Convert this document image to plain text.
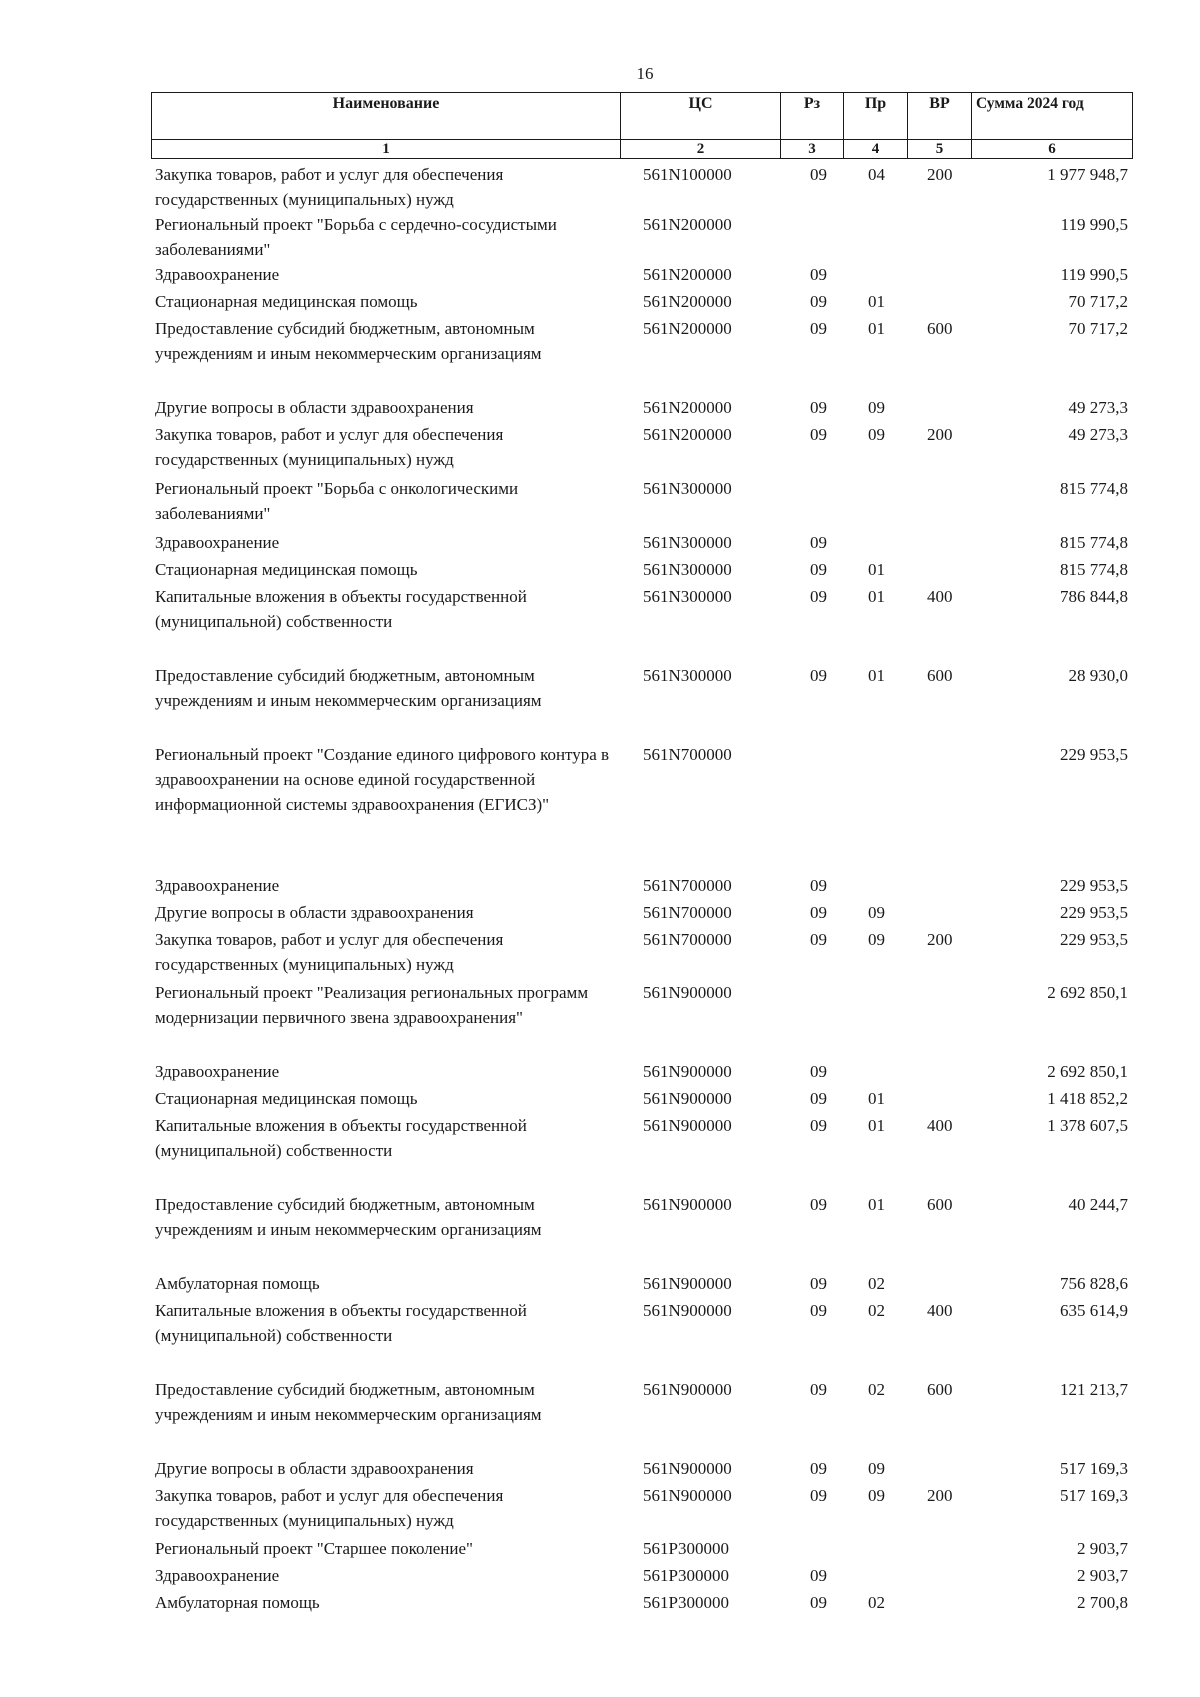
16
Наименование	ЦС	Рз	Пр	ВР	Сумма 2024 год
1	2	3	4	5	6
Закупка товаров, работ и услуг для обеспечения государственных (муниципальных) нужд	561N100000	09	04	200	1 977 948,7
Региональный проект "Борьба с сердечно-сосудистыми заболеваниями"	561N200000				119 990,5
Здравоохранение	561N200000	09			119 990,5
Стационарная медицинская помощь	561N200000	09	01		70 717,2
Предоставление субсидий бюджетным, автономным учреждениям и иным некоммерческим организациям	561N200000	09	01	600	70 717,2
Другие вопросы в области здравоохранения	561N200000	09	09		49 273,3
Закупка товаров, работ и услуг для обеспечения государственных (муниципальных) нужд	561N200000	09	09	200	49 273,3
Региональный проект "Борьба с онкологическими заболеваниями"	561N300000				815 774,8
Здравоохранение	561N300000	09			815 774,8
Стационарная медицинская помощь	561N300000	09	01		815 774,8
Капитальные вложения в объекты государственной (муниципальной) собственности	561N300000	09	01	400	786 844,8
Предоставление субсидий бюджетным, автономным учреждениям и иным некоммерческим организациям	561N300000	09	01	600	28 930,0
Региональный проект "Создание единого цифрового контура в здравоохранении на основе единой государственной информационной системы здравоохранения (ЕГИСЗ)"	561N700000				229 953,5
Здравоохранение	561N700000	09			229 953,5
Другие вопросы в области здравоохранения	561N700000	09	09		229 953,5
Закупка товаров, работ и услуг для обеспечения государственных (муниципальных) нужд	561N700000	09	09	200	229 953,5
Региональный проект "Реализация региональных программ модернизации первичного звена здравоохранения"	561N900000				2 692 850,1
Здравоохранение	561N900000	09			2 692 850,1
Стационарная медицинская помощь	561N900000	09	01		1 418 852,2
Капитальные вложения в объекты государственной (муниципальной) собственности	561N900000	09	01	400	1 378 607,5
Предоставление субсидий бюджетным, автономным учреждениям и иным некоммерческим организациям	561N900000	09	01	600	40 244,7
Амбулаторная помощь	561N900000	09	02		756 828,6
Капитальные вложения в объекты государственной (муниципальной) собственности	561N900000	09	02	400	635 614,9
Предоставление субсидий бюджетным, автономным учреждениям и иным некоммерческим организациям	561N900000	09	02	600	121 213,7
Другие вопросы в области здравоохранения	561N900000	09	09		517 169,3
Закупка товаров, работ и услуг для обеспечения государственных (муниципальных) нужд	561N900000	09	09	200	517 169,3
Региональный проект "Старшее поколение"	561P300000				2 903,7
Здравоохранение	561P300000	09			2 903,7
Амбулаторная помощь	561P300000	09	02		2 700,8
